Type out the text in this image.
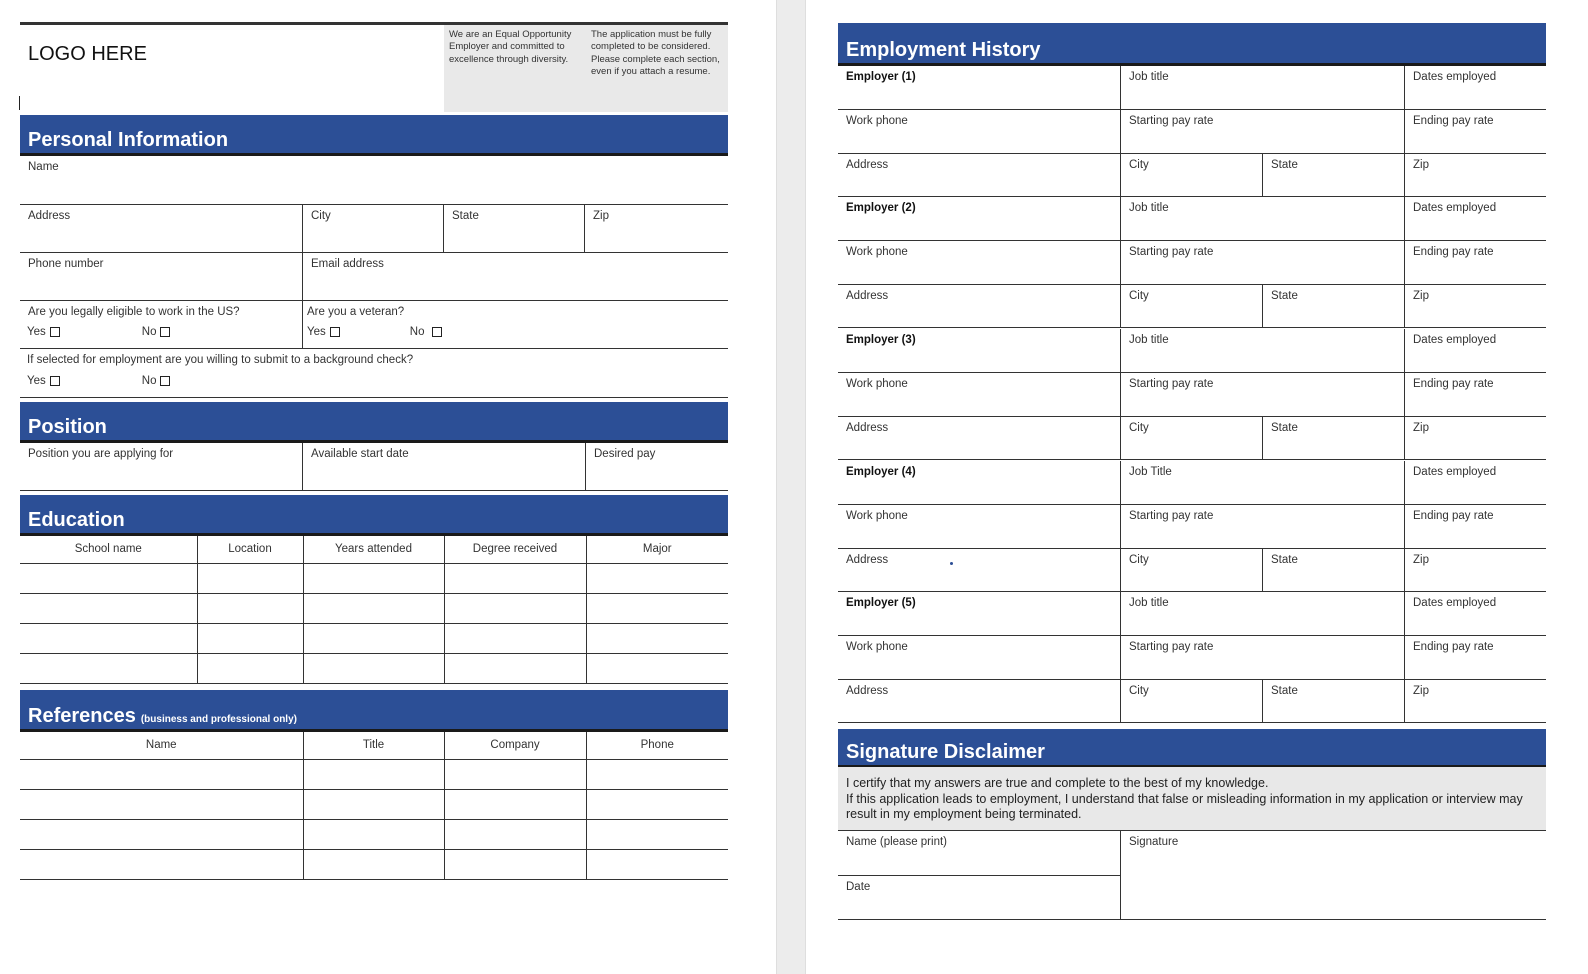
LOGO HERE
We are an Equal Opportunity Employer and committed to excellence through diversity.
The application must be fully completed to be considered. Please complete each section, even if you attach a resume.
Personal Information
Name
Address	City	State	Zip
Phone number	Email address
Are you legally eligible to work in the US?
Yes	No
Are you a veteran?
Yes	No
If selected for employment are you willing to submit to a background check?
Yes	No
Position
Position you are applying for	Available start date	Desired pay
Education
School name	Location	Years attended	Degree received	Major

References (business and professional only)
Name	Title	Company	Phone

Employment History
Employer (1)	Job title	Dates employed
Work phone	Starting pay rate	Ending pay rate
Address	City	State	Zip
Employer (2)	Job title	Dates employed
Work phone	Starting pay rate	Ending pay rate
Address	City	State	Zip
Employer (3)	Job title	Dates employed
Work phone	Starting pay rate	Ending pay rate
Address	City	State	Zip
Employer (4)	Job Title	Dates employed
Work phone	Starting pay rate	Ending pay rate
Address	City	State	Zip
Employer (5)	Job title	Dates employed
Work phone	Starting pay rate	Ending pay rate
Address	City	State	Zip
Signature Disclaimer
I certify that my answers are true and complete to the best of my knowledge.
If this application leads to employment, I understand that false or misleading information in my application or interview may result in my employment being terminated.
Name (please print)
Date
Signature
